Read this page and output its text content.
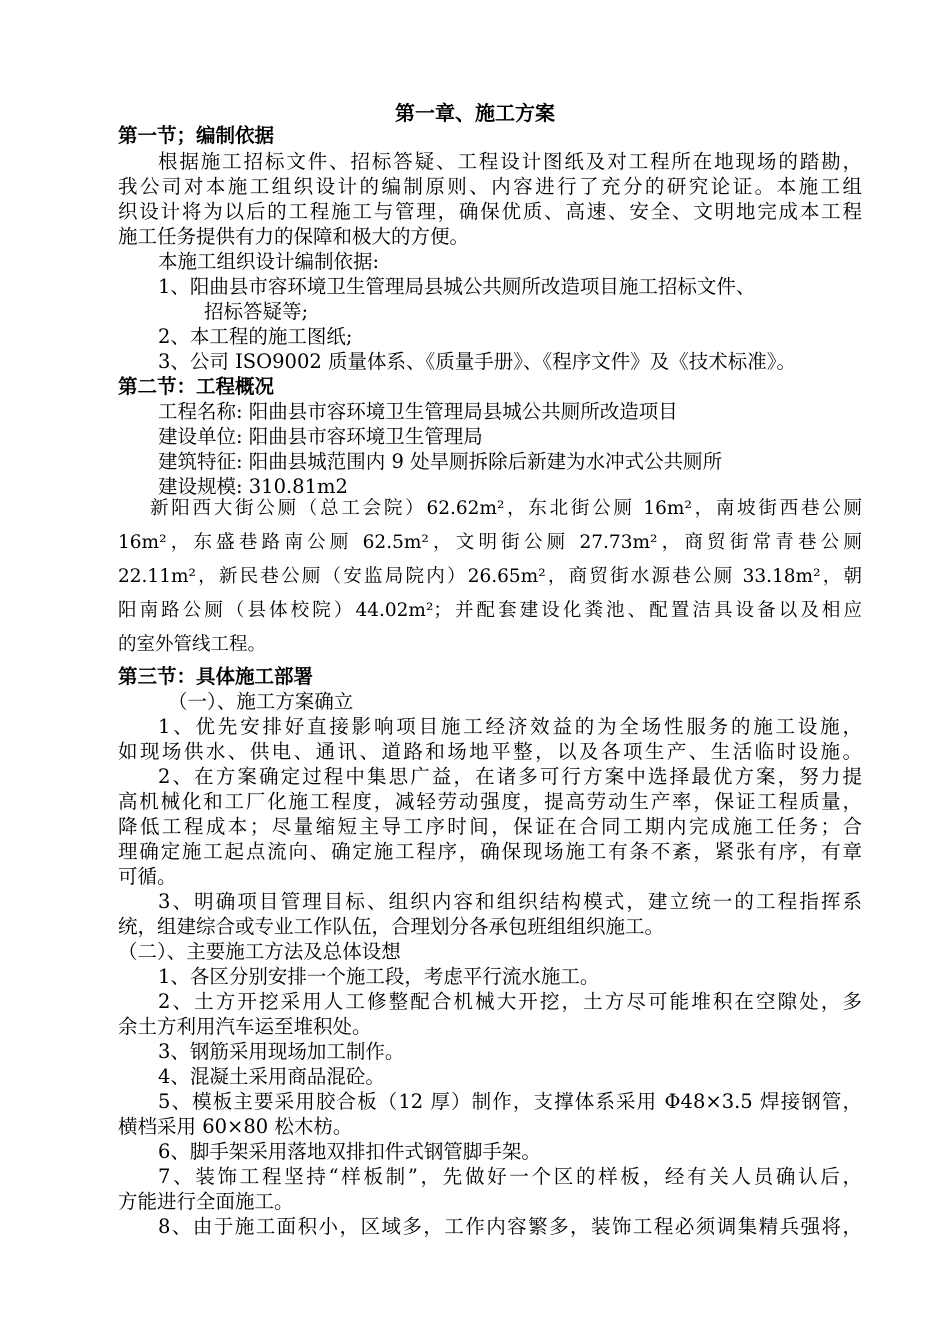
第一章、施工方案
第一节；编制依据
根据施工招标文件、招标答疑、工程设计图纸及对工程所在地现场的踏勘，
我公司对本施工组织设计的编制原则、内容进行了充分的研究论证。本施工组
织设计将为以后的工程施工与管理，确保优质、高速、安全、文明地完成本工程
施工任务提供有力的保障和极大的方便。
本施工组织设计编制依据:
1、阳曲县市容环境卫生管理局县城公共厕所改造项目施工招标文件、
招标答疑等;
2、本工程的施工图纸;
3、公司 ISO9002 质量体系、《质量手册》、《程序文件》及《技术标准》。
第二节：工程概况
工程名称: 阳曲县市容环境卫生管理局县城公共厕所改造项目
建设单位: 阳曲县市容环境卫生管理局
建筑特征: 阳曲县城范围内 9 处旱厕拆除后新建为水冲式公共厕所
建设规模: 310.81m2
新阳西大街公厕（总工会院）62.62m²，东北街公厕 16m²，南坡街西巷公厕
16m²，东盛巷路南公厕 62.5m²，文明街公厕 27.73m²，商贸街常青巷公厕
22.11m²，新民巷公厕（安监局院内）26.65m²，商贸街水源巷公厕 33.18m²，朝
阳南路公厕（县体校院）44.02m²；并配套建设化粪池、配置洁具设备以及相应
的室外管线工程。
第三节：具体施工部署
（一）、施工方案确立
1、优先安排好直接影响项目施工经济效益的为全场性服务的施工设施，
如现场供水、供电、通讯、道路和场地平整，以及各项生产、生活临时设施。
2、在方案确定过程中集思广益，在诸多可行方案中选择最优方案，努力提
高机械化和工厂化施工程度，减轻劳动强度，提高劳动生产率，保证工程质量，
降低工程成本；尽量缩短主导工序时间，保证在合同工期内完成施工任务；合
理确定施工起点流向、确定施工程序，确保现场施工有条不紊，紧张有序，有章
可循。
3、明确项目管理目标、组织内容和组织结构模式，建立统一的工程指挥系
统，组建综合或专业工作队伍，合理划分各承包班组组织施工。
（二）、主要施工方法及总体设想
1、各区分别安排一个施工段，考虑平行流水施工。
2、土方开挖采用人工修整配合机械大开挖，土方尽可能堆积在空隙处，多
余土方利用汽车运至堆积处。
3、钢筋采用现场加工制作。
4、混凝土采用商品混砼。
5、模板主要采用胶合板（12 厚）制作，支撑体系采用 Φ48×3.5 焊接钢管，
横档采用 60×80 松木枋。
6、脚手架采用落地双排扣件式钢管脚手架。
7、装饰工程坚持“样板制”，先做好一个区的样板，经有关人员确认后，
方能进行全面施工。
8、由于施工面积小，区域多，工作内容繁多，装饰工程必须调集精兵强将，
